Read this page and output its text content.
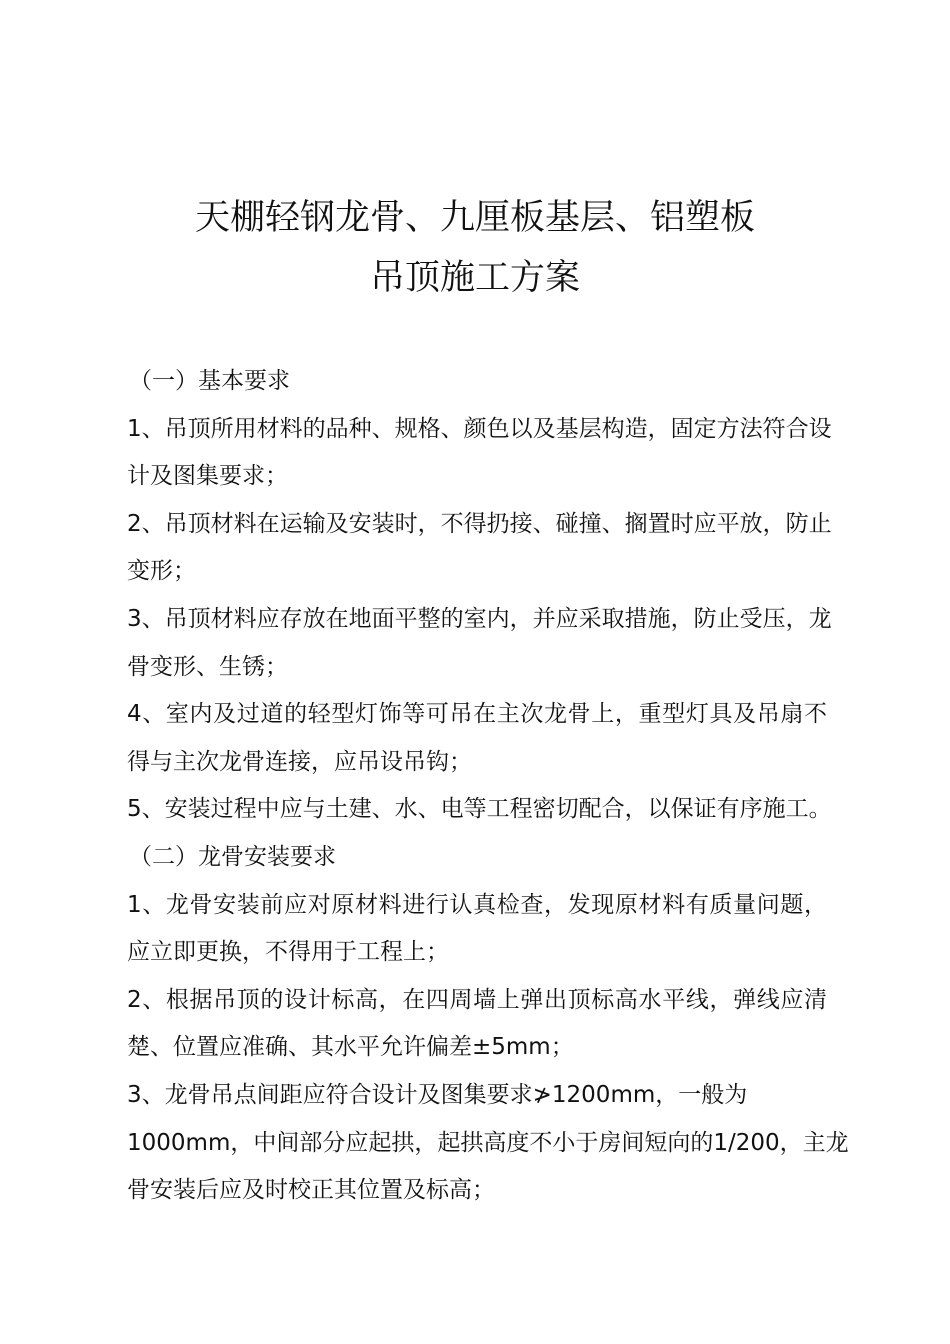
天棚轻钢龙骨、九厘板基层、铝塑板
吊顶施工方案
（一）基本要求
1、吊顶所用材料的品种、规格、颜色以及基层构造，固定方法符合设
计及图集要求；
2、吊顶材料在运输及安装时，不得扔接、碰撞、搁置时应平放，防止
变形；
3、吊顶材料应存放在地面平整的室内，并应采取措施，防止受压，龙
骨变形、生锈；
4、室内及过道的轻型灯饰等可吊在主次龙骨上，重型灯具及吊扇不
得与主次龙骨连接，应吊设吊钩；
5、安装过程中应与土建、水、电等工程密切配合，以保证有序施工。
（二）龙骨安装要求
1、龙骨安装前应对原材料进行认真检查，发现原材料有质量问题，
应立即更换，不得用于工程上；
2、根据吊顶的设计标高，在四周墙上弹出顶标高水平线，弹线应清
楚、位置应准确、其水平允许偏差±5mm；
3、龙骨吊点间距应符合设计及图集要求≯1200mm，一般为
1000mm，中间部分应起拱，起拱高度不小于房间短向的1/200，主龙
骨安装后应及时校正其位置及标高；
